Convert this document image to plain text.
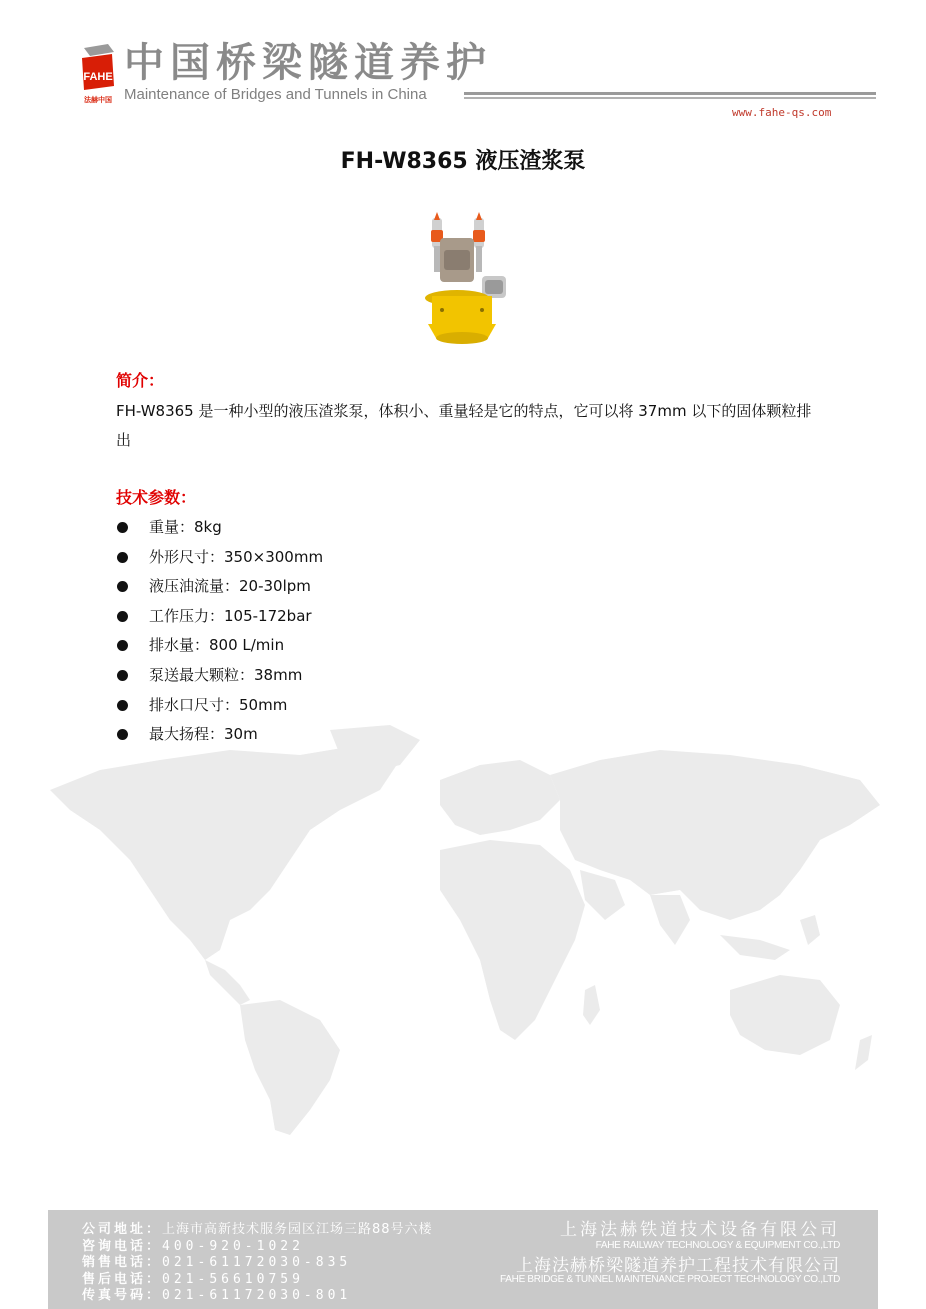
FAHE
法赫中国
中国桥梁隧道养护
Maintenance of Bridges and Tunnels in China
www.fahe-qs.com
FH-W8365 液压渣浆泵
简介：
FH-W8365 是一种小型的液压渣浆泵，体积小、重量轻是它的特点，它可以将 37mm 以下的固体颗粒排出
技术参数：
重量：8kg
外形尺寸：350×300mm
液压油流量：20-30lpm
工作压力：105-172bar
排水量：800 L/min
泵送最大颗粒：38mm
排水口尺寸：50mm
最大扬程：30m
公司地址：上海市高新技术服务园区江场三路88号六楼
咨询电话：400-920-1022
销售电话：021-61172030-835
售后电话：021-56610759
传真号码：021-61172030-801
上海法赫铁道技术设备有限公司
FAHE RAILWAY TECHNOLOGY & EQUIPMENT CO.,LTD
上海法赫桥梁隧道养护工程技术有限公司
FAHE BRIDGE & TUNNEL MAINTENANCE PROJECT TECHNOLOGY CO.,LTD
